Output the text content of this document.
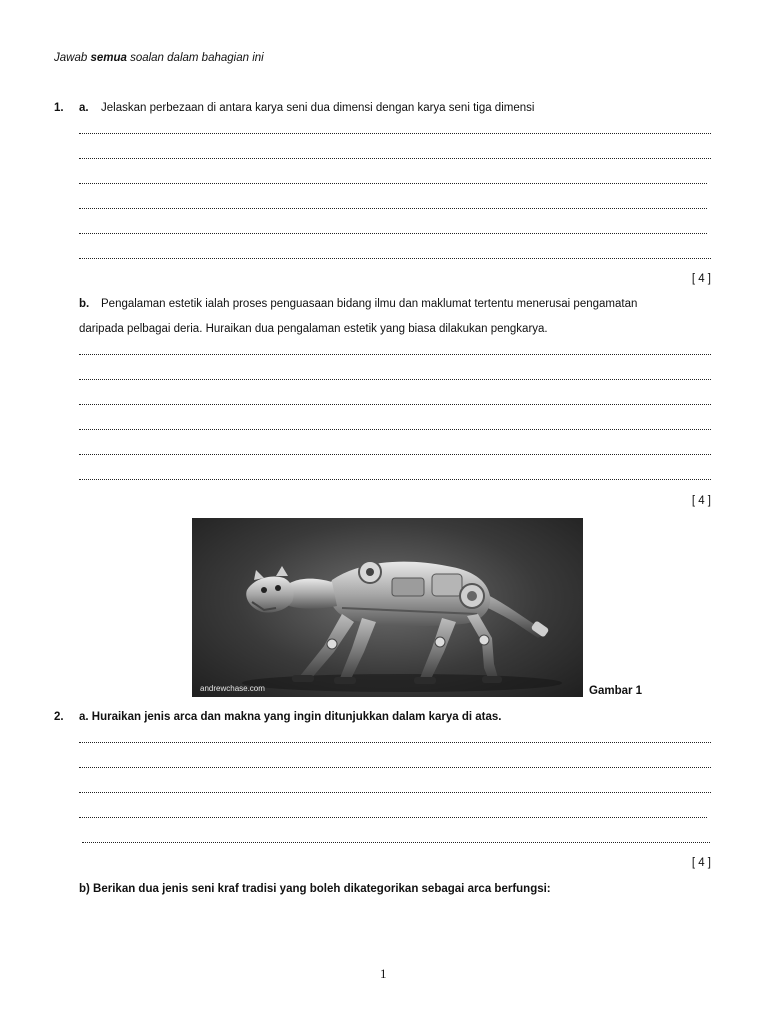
Jawab semua soalan dalam bahagian ini
1. a. Jelaskan perbezaan di antara karya seni dua dimensi dengan karya seni tiga dimensi
[ 4 ]
b. Pengalaman estetik ialah proses penguasaan bidang ilmu dan maklumat tertentu menerusai pengamatan
daripada pelbagai deria. Huraikan dua pengalaman estetik yang biasa dilakukan pengkarya.
[ 4 ]
andrewchase.com	Gambar 1
2. a. Huraikan jenis arca dan makna yang ingin ditunjukkan dalam karya di atas.
[ 4 ]
b) Berikan dua jenis seni kraf tradisi yang boleh dikategorikan sebagai arca berfungsi:
1
